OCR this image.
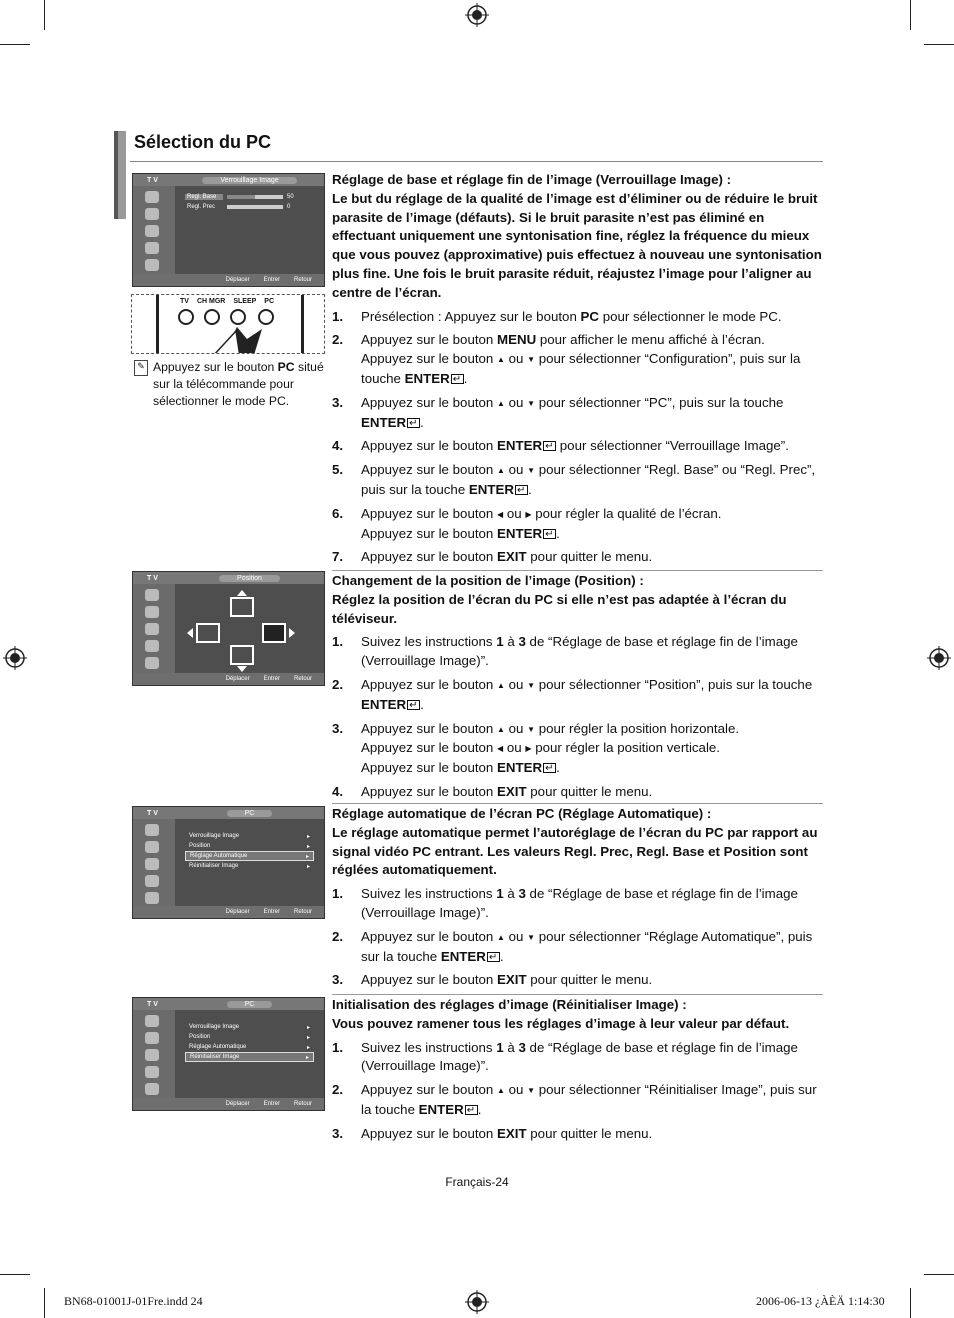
Sélection du PC
T V	Verrouillage Image
Regl. Base	50
Regl. Prec	0
Déplacer Entrer Retour
TV CH MGR SLEEP PC
✎ Appuyez sur le bouton PC situé sur la télécommande pour sélectionner le mode PC.
Réglage de base et réglage fin de l’image (Verrouillage Image) :
Le but du réglage de la qualité de l’image est d’éliminer ou de réduire le bruit parasite de l’image (défauts). Si le bruit parasite n’est pas éliminé en effectuant uniquement une syntonisation fine, réglez la fréquence du mieux que vous pouvez (approximative) puis effectuez à nouveau une syntonisation plus fine. Une fois le bruit parasite réduit, réajustez l’image pour l’aligner au centre de l’écran.
1.	Présélection : Appuyez sur le bouton PC pour sélectionner le mode PC.
2.	Appuyez sur le bouton MENU pour afficher le menu affiché à l’écran.
Appuyez sur le bouton ▲ ou ▼ pour sélectionner “Configuration”, puis sur la touche ENTER ↵ .
3.	Appuyez sur le bouton ▲ ou ▼ pour sélectionner “PC”, puis sur la touche ENTER ↵ .
4.	Appuyez sur le bouton ENTER↵ pour sélectionner “Verrouillage Image”.
5.	Appuyez sur le bouton ▲ ou ▼ pour sélectionner “Regl. Base” ou “Regl. Prec”, puis sur la touche ENTER ↵ .
6.	Appuyez sur le bouton ◀ ou ▶ pour régler la qualité de l’écran.
Appuyez sur le bouton ENTER ↵ .
7.	Appuyez sur le bouton EXIT pour quitter le menu.
T V	Position
Déplacer Entrer Retour
Changement de la position de l’image (Position) :
Réglez la position de l’écran du PC si elle n’est pas adaptée à l’écran du téléviseur.
1.	Suivez les instructions 1 à 3 de “Réglage de base et réglage fin de l’image (Verrouillage Image)”.
2.	Appuyez sur le bouton ▲ ou ▼ pour sélectionner “Position”, puis sur la touche ENTER ↵ .
3.	Appuyez sur le bouton ▲ ou ▼ pour régler la position horizontale.
Appuyez sur le bouton ◀ ou ▶ pour régler la position verticale.
Appuyez sur le bouton ENTER ↵ .
4.	Appuyez sur le bouton EXIT pour quitter le menu.
T V	PC
Verrouillage Image	▸
Position	▸
Réglage Automatique	▸
Réinitialiser Image	▸
Déplacer Entrer Retour
Réglage automatique de l’écran PC (Réglage Automatique) :
Le réglage automatique permet l’autoréglage de l’écran du PC par rapport au signal vidéo PC entrant. Les valeurs Regl. Prec, Regl. Base et Position sont réglées automatiquement.
1.	Suivez les instructions 1 à 3 de “Réglage de base et réglage fin de l’image (Verrouillage Image)”.
2.	Appuyez sur le bouton ▲ ou ▼ pour sélectionner “Réglage Automatique”, puis sur la touche ENTER ↵ .
3.	Appuyez sur le bouton EXIT pour quitter le menu.
T V	PC
Verrouillage Image	▸
Position	▸
Réglage Automatique	▸
Réinitialiser Image	▸
Déplacer Entrer Retour
Initialisation des réglages d’image (Réinitialiser Image) :
Vous pouvez ramener tous les réglages d’image à leur valeur par défaut.
1.	Suivez les instructions 1 à 3 de “Réglage de base et réglage fin de l’image (Verrouillage Image)”.
2.	Appuyez sur le bouton ▲ ou ▼ pour sélectionner “Réinitialiser Image”, puis sur la touche ENTER ↵ .
3.	Appuyez sur le bouton EXIT pour quitter le menu.
Français-24
BN68-01001J-01Fre.indd 24	2006-06-13 ¿ÀÈÄ 1:14:30
